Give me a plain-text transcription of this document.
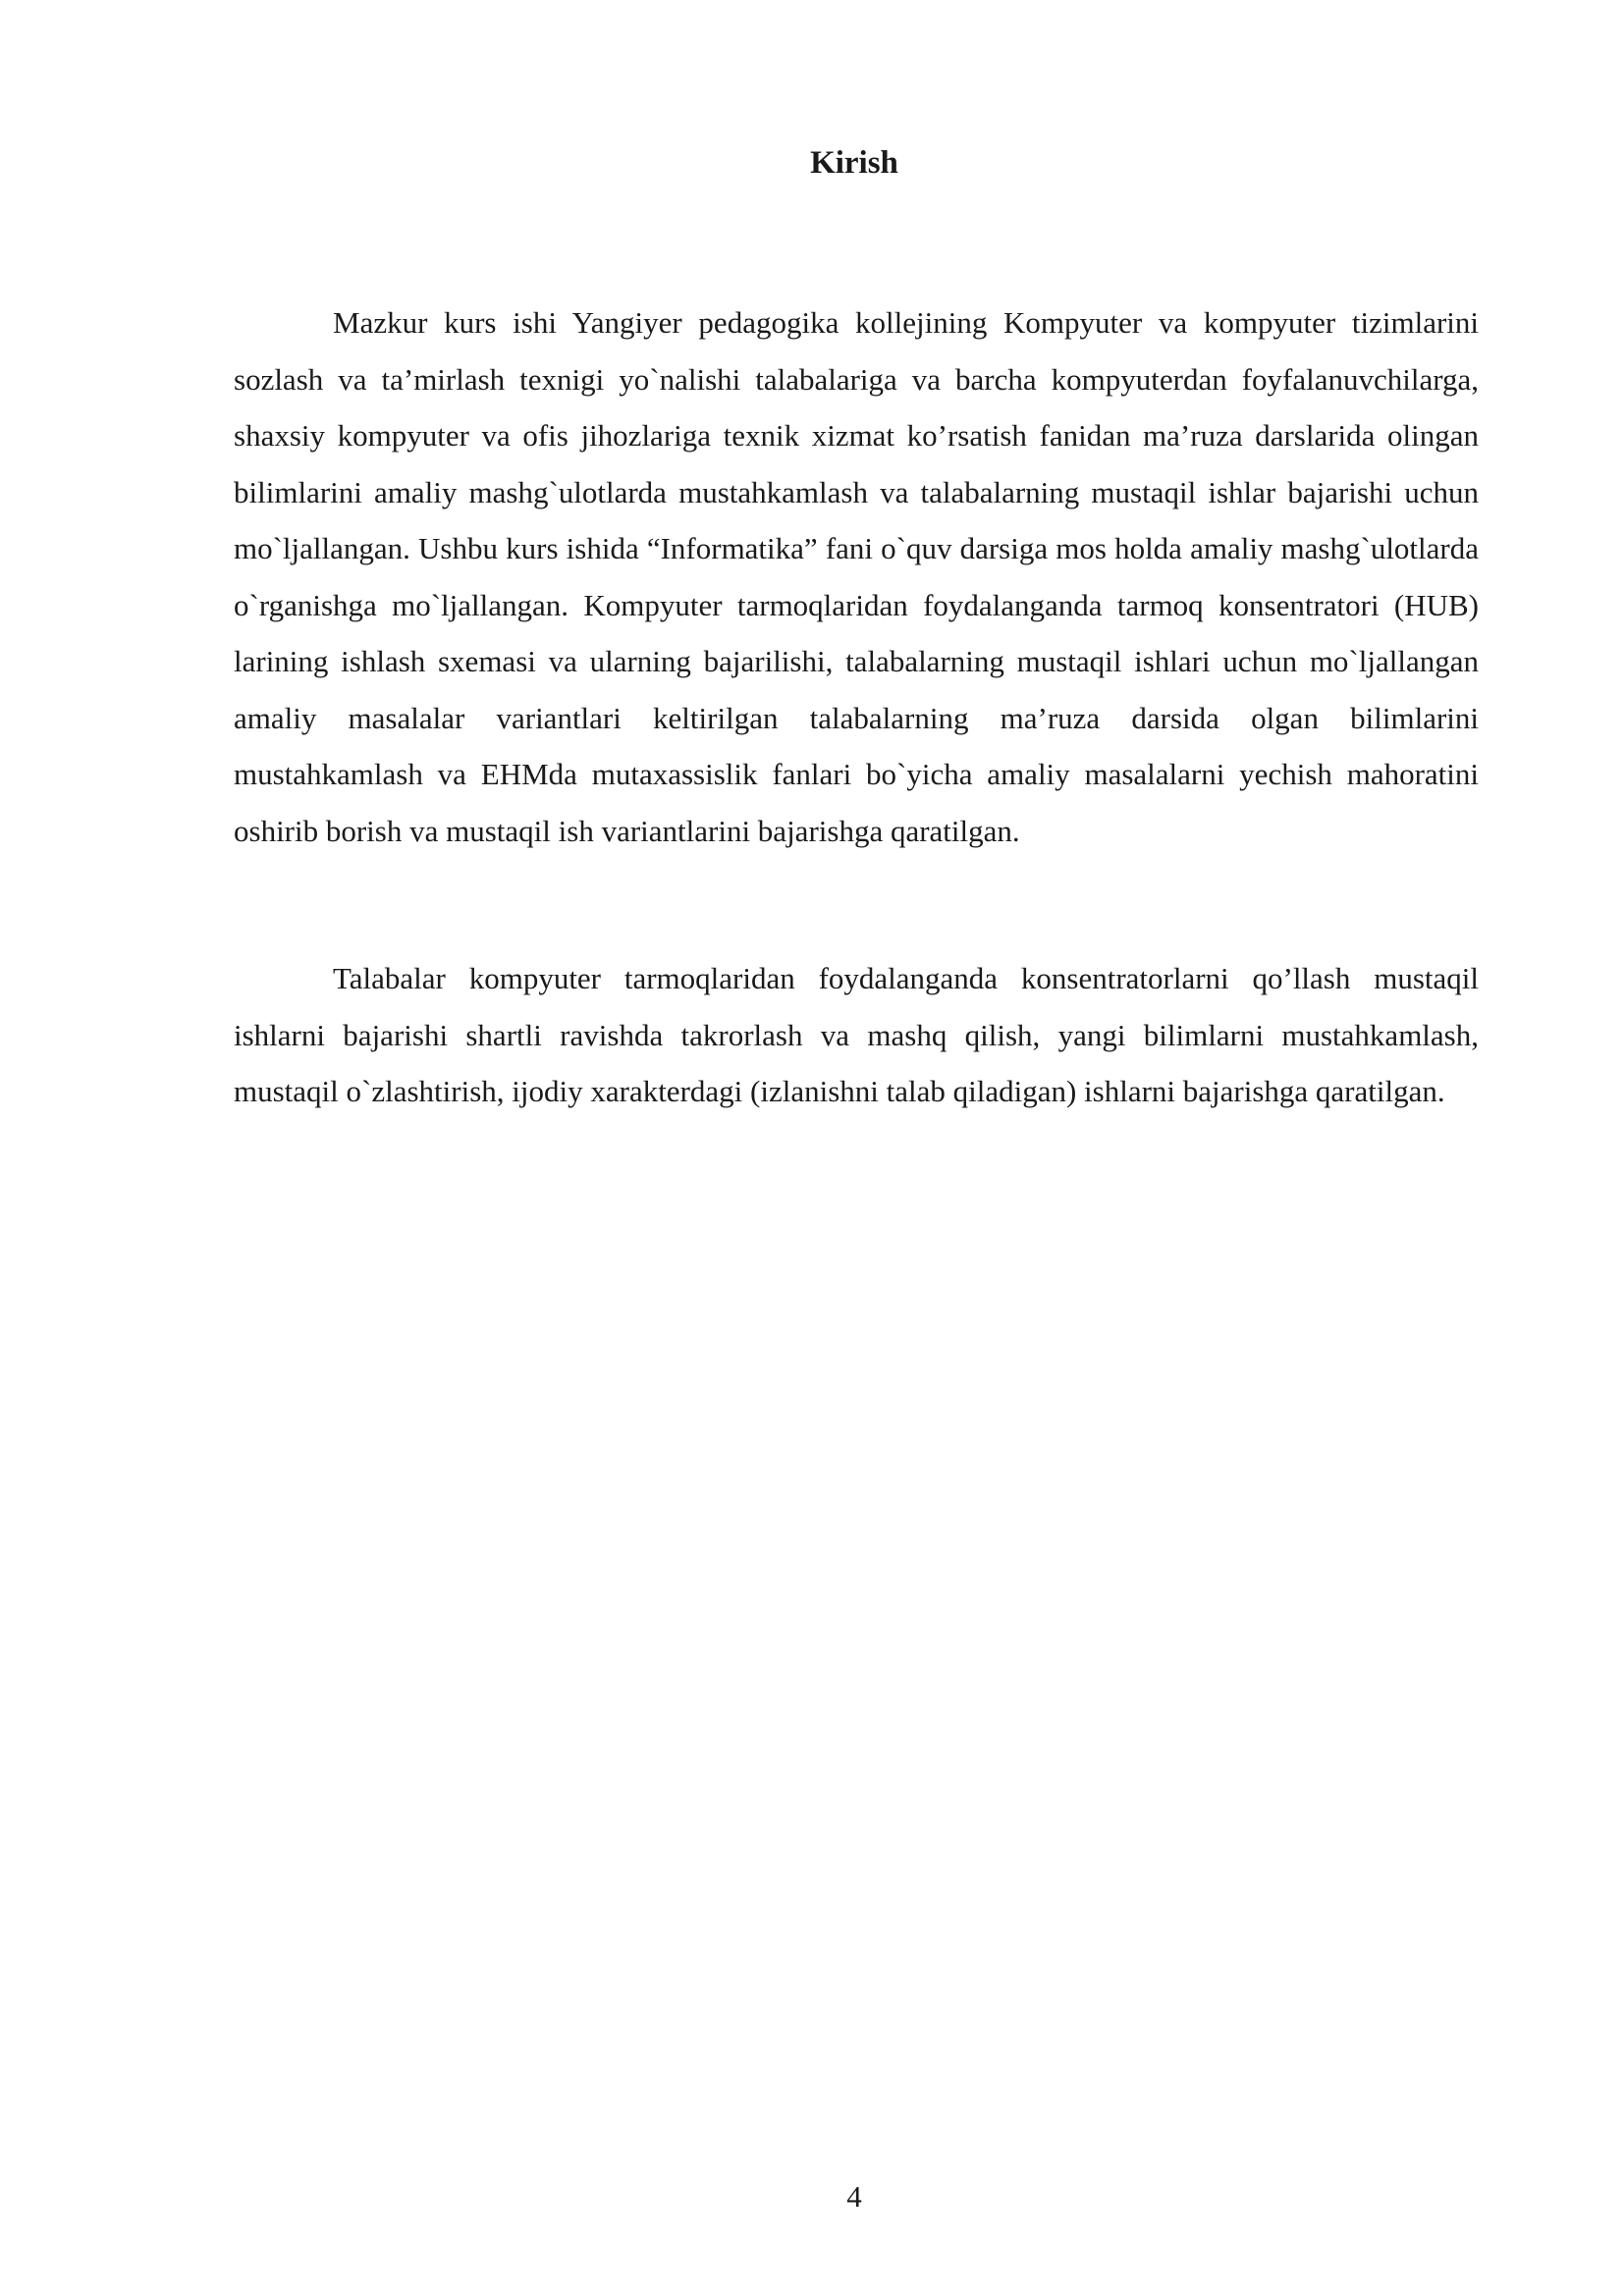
Kirish

Mazkur kurs ishi Yangiyer pedagogika kollejining Kompyuter va kompyuter tizimlarini sozlash va ta’mirlash texnigi yo`nalishi talabalariga va barcha kompyuterdan foyfalanuvchilarga, shaxsiy kompyuter va ofis jihozlariga texnik xizmat ko’rsatish fanidan ma’ruza darslarida olingan bilimlarini amaliy mashg`ulotlarda mustahkamlash va talabalarning mustaqil ishlar bajarishi uchun mo`ljallangan. Ushbu kurs ishida “Informatika” fani o`quv darsiga mos holda amaliy mashg`ulotlarda o`rganishga mo`ljallangan. Kompyuter tarmoqlaridan foydalanganda tarmoq konsentratori (HUB) larining ishlash sxemasi va ularning bajarilishi, talabalarning mustaqil ishlari uchun mo`ljallangan amaliy masalalar variantlari keltirilgan talabalarning ma’ruza darsida olgan bilimlarini mustahkamlash va EHMda mutaxassislik fanlari bo`yicha amaliy masalalarni yechish mahoratini oshirib borish va mustaqil ish variantlarini bajarishga qaratilgan.

Talabalar kompyuter tarmoqlaridan foydalanganda konsentratorlarni qo’llash mustaqil ishlarni bajarishi shartli ravishda takrorlash va mashq qilish, yangi bilimlarni mustahkamlash, mustaqil o`zlashtirish, ijodiy xarakterdagi (izlanishni talab qiladigan) ishlarni bajarishga qaratilgan.

4
